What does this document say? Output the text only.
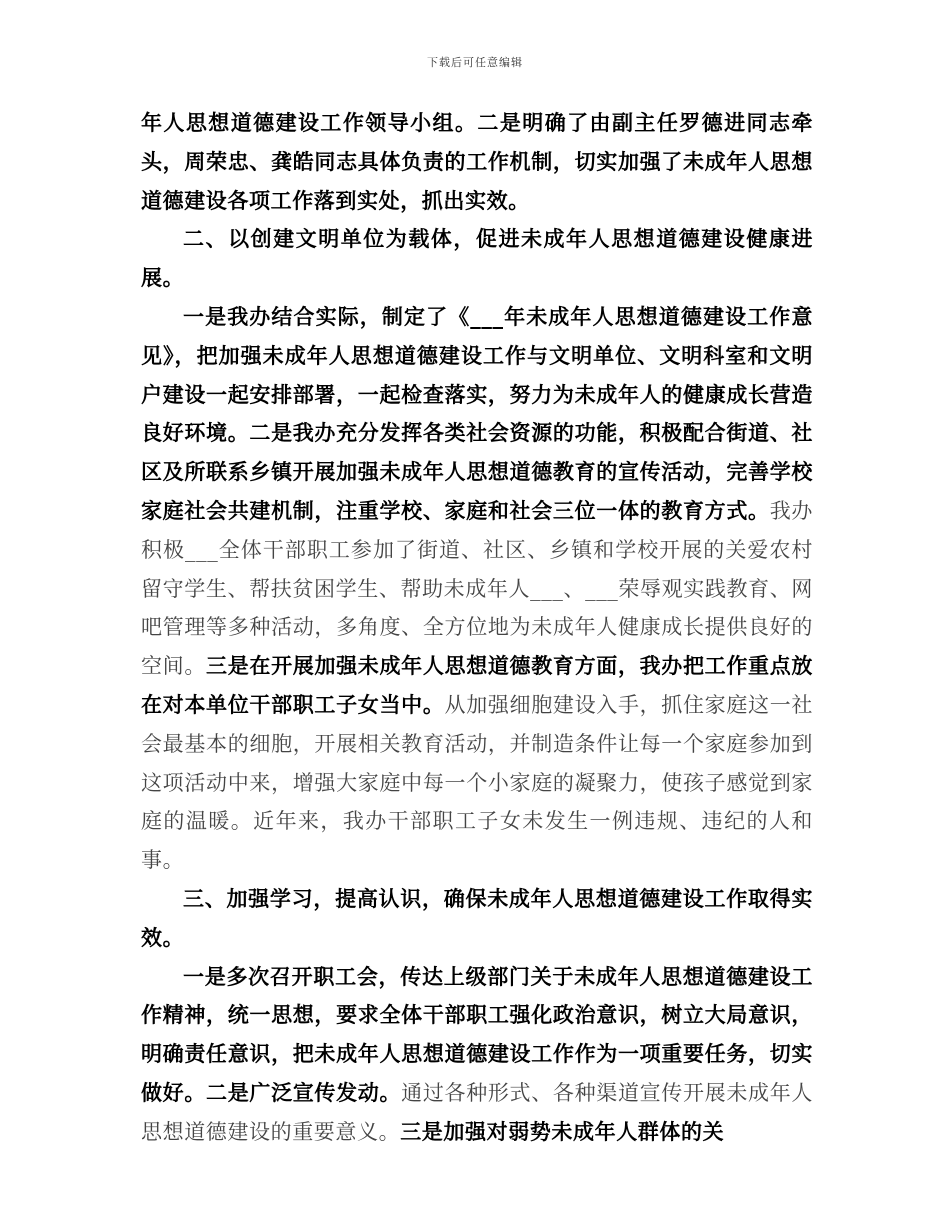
下载后可任意编辑

年人思想道德建设工作领导小组。二是明确了由副主任罗德进同志牵头，周荣忠、龚皓同志具体负责的工作机制，切实加强了未成年人思想道德建设各项工作落到实处，抓出实效。

二、以创建文明单位为载体，促进未成年人思想道德建设健康进展。

一是我办结合实际，制定了《___年未成年人思想道德建设工作意见》，把加强未成年人思想道德建设工作与文明单位、文明科室和文明户建设一起安排部署，一起检查落实，努力为未成年人的健康成长营造良好环境。二是我办充分发挥各类社会资源的功能，积极配合街道、社区及所联系乡镇开展加强未成年人思想道德教育的宣传活动，完善学校家庭社会共建机制，注重学校、家庭和社会三位一体的教育方式。我办积极___全体干部职工参加了街道、社区、乡镇和学校开展的关爱农村留守学生、帮扶贫困学生、帮助未成年人___、___荣辱观实践教育、网吧管理等多种活动，多角度、全方位地为未成年人健康成长提供良好的空间。三是在开展加强未成年人思想道德教育方面，我办把工作重点放在对本单位干部职工子女当中。从加强细胞建设入手，抓住家庭这一社会最基本的细胞，开展相关教育活动，并制造条件让每一个家庭参加到这项活动中来，增强大家庭中每一个小家庭的凝聚力，使孩子感觉到家庭的温暖。近年来，我办干部职工子女未发生一例违规、违纪的人和事。

三、加强学习，提高认识，确保未成年人思想道德建设工作取得实效。

一是多次召开职工会，传达上级部门关于未成年人思想道德建设工作精神，统一思想，要求全体干部职工强化政治意识，树立大局意识，明确责任意识，把未成年人思想道德建设工作作为一项重要任务，切实做好。二是广泛宣传发动。通过各种形式、各种渠道宣传开展未成年人思想道德建设的重要意义。三是加强对弱势未成年人群体的关
